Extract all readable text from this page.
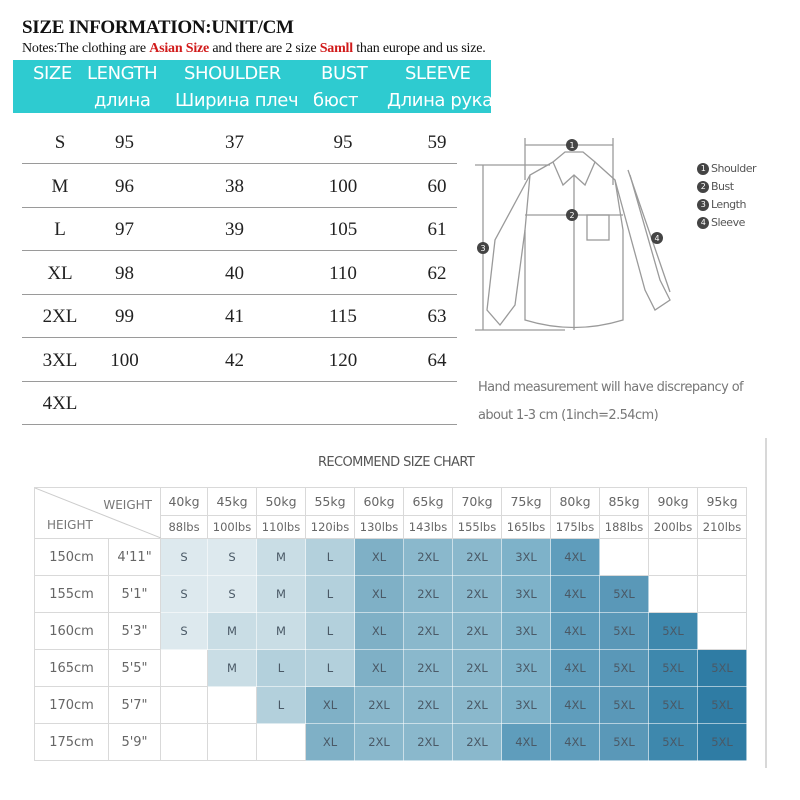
SIZE INFORMATION:UNIT/CM
Notes:The clothing are Asian Size and there are 2 size Samll than europe and us size.
SIZE LENGTH SHOULDER BUST SLEEVE
длина Ширина плеч бюст Длина рукава
S	95	37	95	59
M	96	38	100	60
L	97	39	105	61
XL	98	40	110	62
2XL	99	41	115	63
3XL	100	42	120	64
4XL
1
2
3
4
1 Shoulder
2 Bust
3 Length
4 Sleeve
Hand measurement will have discrepancy of
about 1-3 cm (1inch=2.54cm)
RECOMMEND SIZE CHART
WEIGHT
HEIGHT		40kg	45kg	50kg	55kg	60kg	65kg	70kg	75kg	80kg	85kg	90kg	95kg
		88lbs	100lbs	110lbs	120ibs	130lbs	143lbs	155lbs	165lbs	175lbs	188lbs	200lbs	210lbs
150cm	4'11"	S	S	M	L	XL	2XL	2XL	3XL	4XL			
155cm	5'1"	S	S	M	L	XL	2XL	2XL	3XL	4XL	5XL		
160cm	5'3"	S	M	M	L	XL	2XL	2XL	3XL	4XL	5XL	5XL	
165cm	5'5"		M	L	L	XL	2XL	2XL	3XL	4XL	5XL	5XL	5XL
170cm	5'7"			L	XL	2XL	2XL	2XL	3XL	4XL	5XL	5XL	5XL
175cm	5'9"				XL	2XL	2XL	2XL	4XL	4XL	5XL	5XL	5XL
